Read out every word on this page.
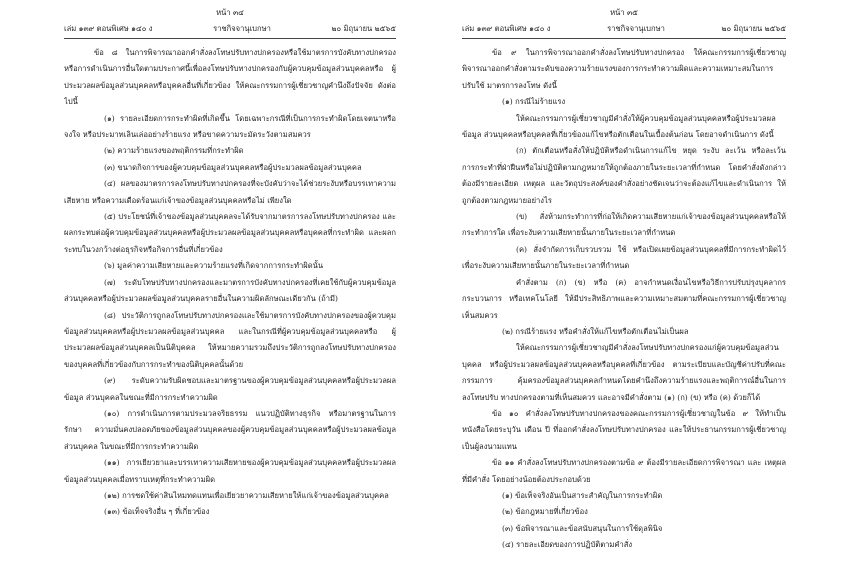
หน้า ๓๔
เล่ม ๑๓๙ ตอนพิเศษ ๑๔๐ ง	ราชกิจจานุเบกษา	๒๐ มิถุนายน ๒๕๖๕

ข้อ ๘ ในการพิจารณาออกคำสั่งลงโทษปรับทางปกครองหรือใช้มาตรการบังคับทางปกครอง หรือการดำเนินการอื่นใดตามประกาศนี้เพื่อลงโทษปรับทางปกครองกับผู้ควบคุมข้อมูลส่วนบุคคลหรือ ผู้ประมวลผลข้อมูลส่วนบุคคลหรือบุคคลอื่นที่เกี่ยวข้อง ให้คณะกรรมการผู้เชี่ยวชาญคำนึงถึงปัจจัย ดังต่อไปนี้

(๑) รายละเอียดการกระทำผิดที่เกิดขึ้น โดยเฉพาะกรณีที่เป็นการกระทำผิดโดยเจตนาหรือจงใจ หรือประมาทเลินเล่ออย่างร้ายแรง หรือขาดความระมัดระวังตามสมควร

(๒) ความร้ายแรงของพฤติกรรมที่กระทำผิด

(๓) ขนาดกิจการของผู้ควบคุมข้อมูลส่วนบุคคลหรือผู้ประมวลผลข้อมูลส่วนบุคคล

(๔) ผลของมาตรการลงโทษปรับทางปกครองที่จะบังคับว่าจะได้ช่วยระงับหรือบรรเทาความเสียหาย หรือความเดือดร้อนแก่เจ้าของข้อมูลส่วนบุคคลหรือไม่ เพียงใด

(๕) ประโยชน์ที่เจ้าของข้อมูลส่วนบุคคลจะได้รับจากมาตรการลงโทษปรับทางปกครอง และผลกระทบต่อผู้ควบคุมข้อมูลส่วนบุคคลหรือผู้ประมวลผลข้อมูลส่วนบุคคลหรือบุคคลที่กระทำผิด และผลกระทบในวงกว้างต่อธุรกิจหรือกิจการอื่นที่เกี่ยวข้อง

(๖) มูลค่าความเสียหายและความร้ายแรงที่เกิดจากการกระทำผิดนั้น

(๗) ระดับโทษปรับทางปกครองและมาตรการบังคับทางปกครองที่เคยใช้กับผู้ควบคุมข้อมูล ส่วนบุคคลหรือผู้ประมวลผลข้อมูลส่วนบุคคลรายอื่นในความผิดลักษณะเดียวกัน (ถ้ามี)

(๘) ประวัติการถูกลงโทษปรับทางปกครองและใช้มาตรการบังคับทางปกครองของผู้ควบคุม ข้อมูลส่วนบุคคลหรือผู้ประมวลผลข้อมูลส่วนบุคคล และในกรณีที่ผู้ควบคุมข้อมูลส่วนบุคคลหรือ ผู้ประมวลผลข้อมูลส่วนบุคคลเป็นนิติบุคคล ให้หมายความรวมถึงประวัติการถูกลงโทษปรับทางปกครอง ของบุคคลที่เกี่ยวข้องกับการกระทำของนิติบุคคลนั้นด้วย

(๙) ระดับความรับผิดชอบและมาตรฐานของผู้ควบคุมข้อมูลส่วนบุคคลหรือผู้ประมวลผลข้อมูล ส่วนบุคคลในขณะที่มีการกระทำความผิด

(๑๐) การดำเนินการตามประมวลจริยธรรม แนวปฏิบัติทางธุรกิจ หรือมาตรฐานในการรักษา ความมั่นคงปลอดภัยของข้อมูลส่วนบุคคลของผู้ควบคุมข้อมูลส่วนบุคคลหรือผู้ประมวลผลข้อมูลส่วนบุคคล ในขณะที่มีการกระทำความผิด

(๑๑) การเยียวยาและบรรเทาความเสียหายของผู้ควบคุมข้อมูลส่วนบุคคลหรือผู้ประมวลผล ข้อมูลส่วนบุคคลเมื่อทราบเหตุที่กระทำความผิด

(๑๒) การชดใช้ค่าสินไหมทดแทนเพื่อเยียวยาความเสียหายให้แก่เจ้าของข้อมูลส่วนบุคคล

(๑๓) ข้อเท็จจริงอื่น ๆ ที่เกี่ยวข้อง

หน้า ๓๕
เล่ม ๑๓๙ ตอนพิเศษ ๑๔๐ ง	ราชกิจจานุเบกษา	๒๐ มิถุนายน ๒๕๖๕

ข้อ ๙ ในการพิจารณาออกคำสั่งลงโทษปรับทางปกครอง ให้คณะกรรมการผู้เชี่ยวชาญ พิจารณาออกคำสั่งตามระดับของความร้ายแรงของการกระทำความผิดและความเหมาะสมในการปรับใช้ มาตรการลงโทษ ดังนี้

(๑) กรณีไม่ร้ายแรง

ให้คณะกรรมการผู้เชี่ยวชาญมีคำสั่งให้ผู้ควบคุมข้อมูลส่วนบุคคลหรือผู้ประมวลผลข้อมูล ส่วนบุคคลหรือบุคคลที่เกี่ยวข้องแก้ไขหรือตักเตือนในเบื้องต้นก่อน โดยอาจดำเนินการ ดังนี้

(ก) ตักเตือนหรือสั่งให้ปฏิบัติหรือดำเนินการแก้ไข หยุด ระงับ ละเว้น หรือละเว้น การกระทำที่ฝ่าฝืนหรือไม่ปฏิบัติตามกฎหมายให้ถูกต้องภายในระยะเวลาที่กำหนด โดยคำสั่งดังกล่าว ต้องมีรายละเอียด เหตุผล และวัตถุประสงค์ของคำสั่งอย่างชัดเจนว่าจะต้องแก้ไขและดำเนินการ ให้ถูกต้องตามกฎหมายอย่างไร

(ข) สั่งห้ามกระทำการที่ก่อให้เกิดความเสียหายแก่เจ้าของข้อมูลส่วนบุคคลหรือให้กระทำการใด เพื่อระงับความเสียหายนั้นภายในระยะเวลาที่กำหนด

(ค) สั่งจำกัดการเก็บรวบรวม ใช้ หรือเปิดเผยข้อมูลส่วนบุคคลที่มีการกระทำผิดไว้ เพื่อระงับความเสียหายนั้นภายในระยะเวลาที่กำหนด

คำสั่งตาม (ก) (ข) หรือ (ค) อาจกำหนดเงื่อนไขหรือวิธีการปรับปรุงบุคลากร กระบวนการ หรือเทคโนโลยี ให้มีประสิทธิภาพและความเหมาะสมตามที่คณะกรรมการผู้เชี่ยวชาญ เห็นสมควร

(๒) กรณีร้ายแรง หรือคำสั่งให้แก้ไขหรือตักเตือนไม่เป็นผล

ให้คณะกรรมการผู้เชี่ยวชาญมีคำสั่งลงโทษปรับทางปกครองแก่ผู้ควบคุมข้อมูลส่วนบุคคล หรือผู้ประมวลผลข้อมูลส่วนบุคคลหรือบุคคลที่เกี่ยวข้อง ตามระเบียบและบัญชีค่าปรับที่คณะกรรมการ คุ้มครองข้อมูลส่วนบุคคลกำหนดโดยคำนึงถึงความร้ายแรงและพฤติการณ์อื่นในการลงโทษปรับ ทางปกครองตามที่เห็นสมควร และอาจมีคำสั่งตาม (๑) (ก) (ข) หรือ (ค) ด้วยก็ได้

ข้อ ๑๐ คำสั่งลงโทษปรับทางปกครองของคณะกรรมการผู้เชี่ยวชาญในข้อ ๙ ให้ทำเป็น หนังสือโดยระบุวัน เดือน ปี ที่ออกคำสั่งลงโทษปรับทางปกครอง และให้ประธานกรรมการผู้เชี่ยวชาญ เป็นผู้ลงนามแทน

ข้อ ๑๑ คำสั่งลงโทษปรับทางปกครองตามข้อ ๙ ต้องมีรายละเอียดการพิจารณา และ เหตุผลที่มีคำสั่ง โดยอย่างน้อยต้องประกอบด้วย

(๑) ข้อเท็จจริงอันเป็นสาระสำคัญในการกระทำผิด

(๒) ข้อกฎหมายที่เกี่ยวข้อง

(๓) ข้อพิจารณาและข้อสนับสนุนในการใช้ดุลพินิจ

(๔) รายละเอียดของการปฏิบัติตามคำสั่ง
